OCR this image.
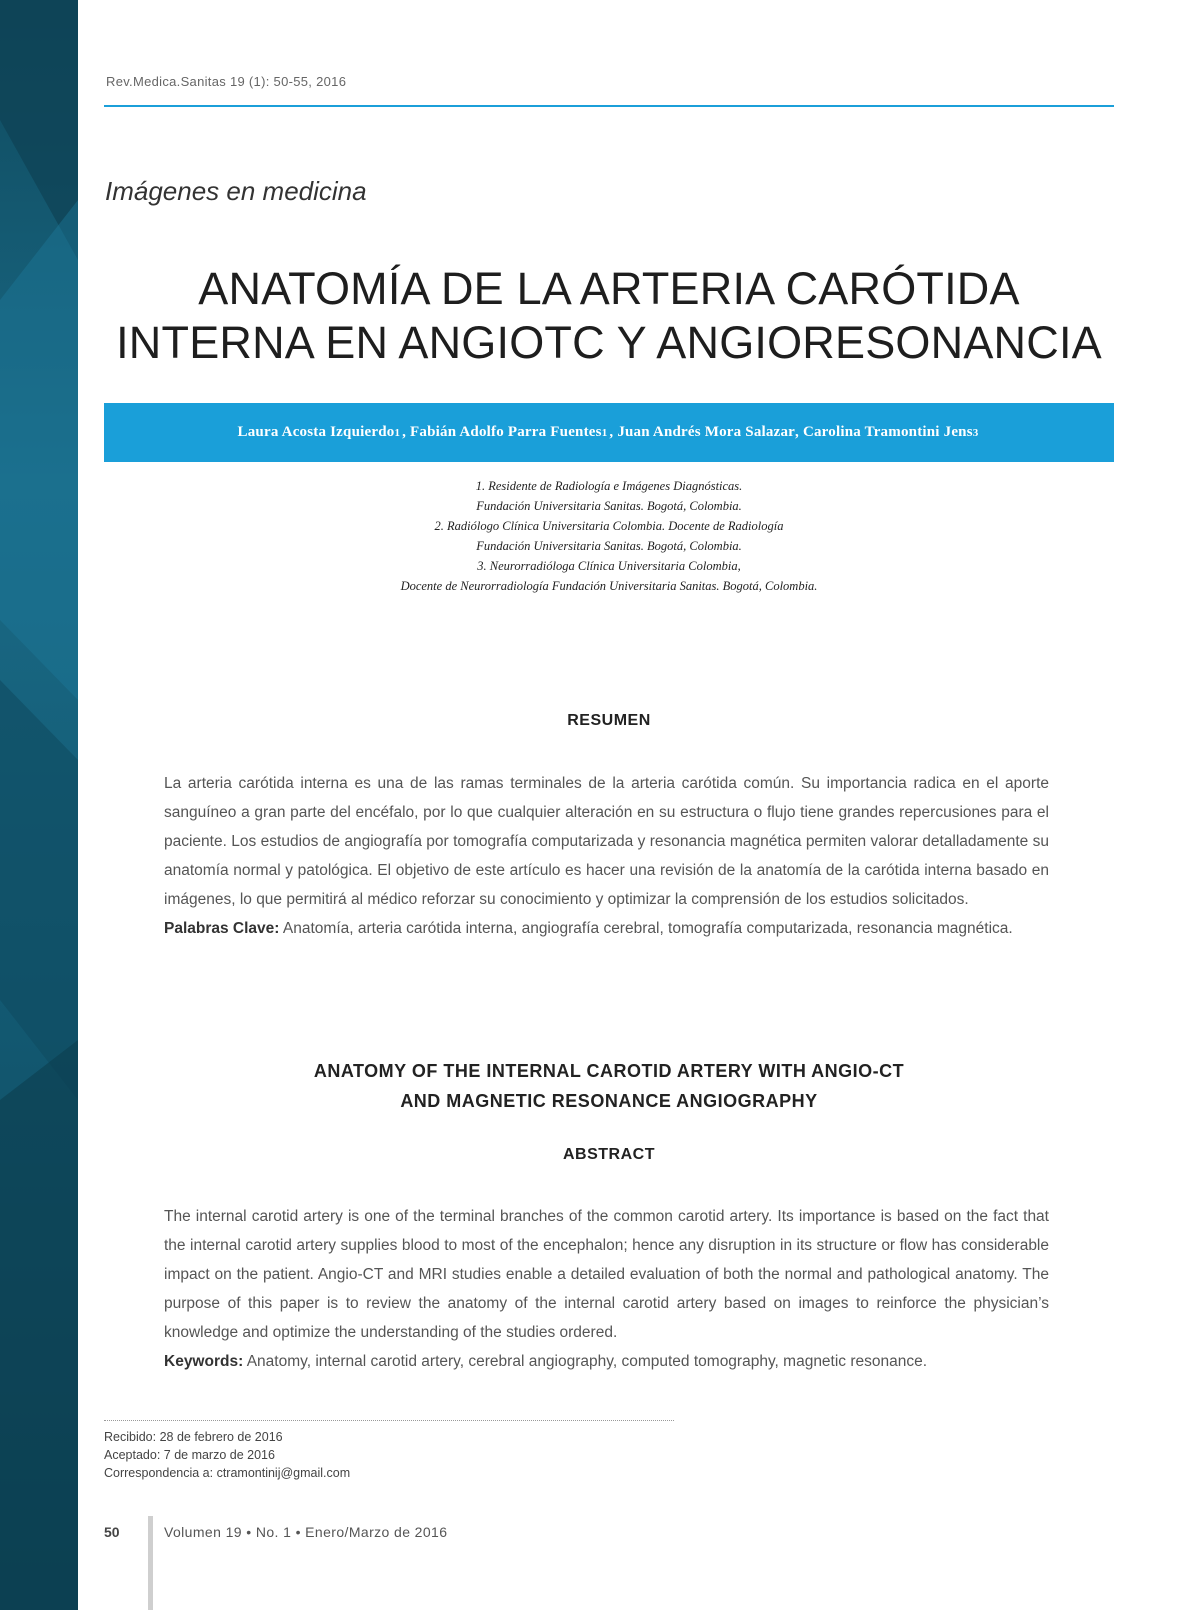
Rev.Medica.Sanitas 19 (1): 50-55, 2016
Imágenes en medicina
ANATOMÍA DE LA ARTERIA CARÓTIDA
INTERNA EN ANGIOTC Y ANGIORESONANCIA
Laura Acosta Izquierdo 1 ,
Fabián Adolfo Parra Fuentes 1 ,
Juan Andrés Mora Salazar ,
Carolina Tramontini Jens 3
1. Residente de Radiología e Imágenes Diagnósticas.
Fundación Universitaria Sanitas. Bogotá, Colombia.
2. Radiólogo Clínica Universitaria Colombia. Docente de Radiología
Fundación Universitaria Sanitas. Bogotá, Colombia.
3. Neurorradióloga Clínica Universitaria Colombia,
Docente de Neurorradiología Fundación Universitaria Sanitas. Bogotá, Colombia.
RESUMEN
La arteria carótida interna es una de las ramas terminales de la arteria carótida común. Su importancia radica en el aporte sanguíneo a gran parte del encéfalo, por lo que cualquier alteración en su estructura o flujo tiene grandes repercusiones para el paciente. Los estudios de angiografía por tomografía computarizada y resonancia magnética permiten valorar detalladamente su anatomía normal y patológica. El objetivo de este artículo es hacer una revisión de la anatomía de la carótida interna basado en imágenes, lo que permitirá al médico reforzar su conocimiento y optimizar la comprensión de los estudios solicitados.
Palabras Clave: Anatomía, arteria carótida interna, angiografía cerebral, tomografía computarizada, resonancia magnética.
ANATOMY OF THE INTERNAL CAROTID ARTERY WITH ANGIO-CT
AND MAGNETIC RESONANCE ANGIOGRAPHY
ABSTRACT
The internal carotid artery is one of the terminal branches of the common carotid artery. Its importance is based on the fact that the internal carotid artery supplies blood to most of the encephalon; hence any disruption in its structure or flow has considerable impact on the patient. Angio-CT and MRI studies enable a detailed evaluation of both the normal and pathological anatomy. The purpose of this paper is to review the anatomy of the internal carotid artery based on images to reinforce the physician’s knowledge and optimize the understanding of the studies ordered.
Keywords: Anatomy, internal carotid artery, cerebral angiography, computed tomography, magnetic resonance.
Recibido: 28 de febrero de 2016
Aceptado: 7 de marzo de 2016
Correspondencia a: ctramontinij@gmail.com
50	Volumen 19 • No. 1 • Enero/Marzo de 2016
